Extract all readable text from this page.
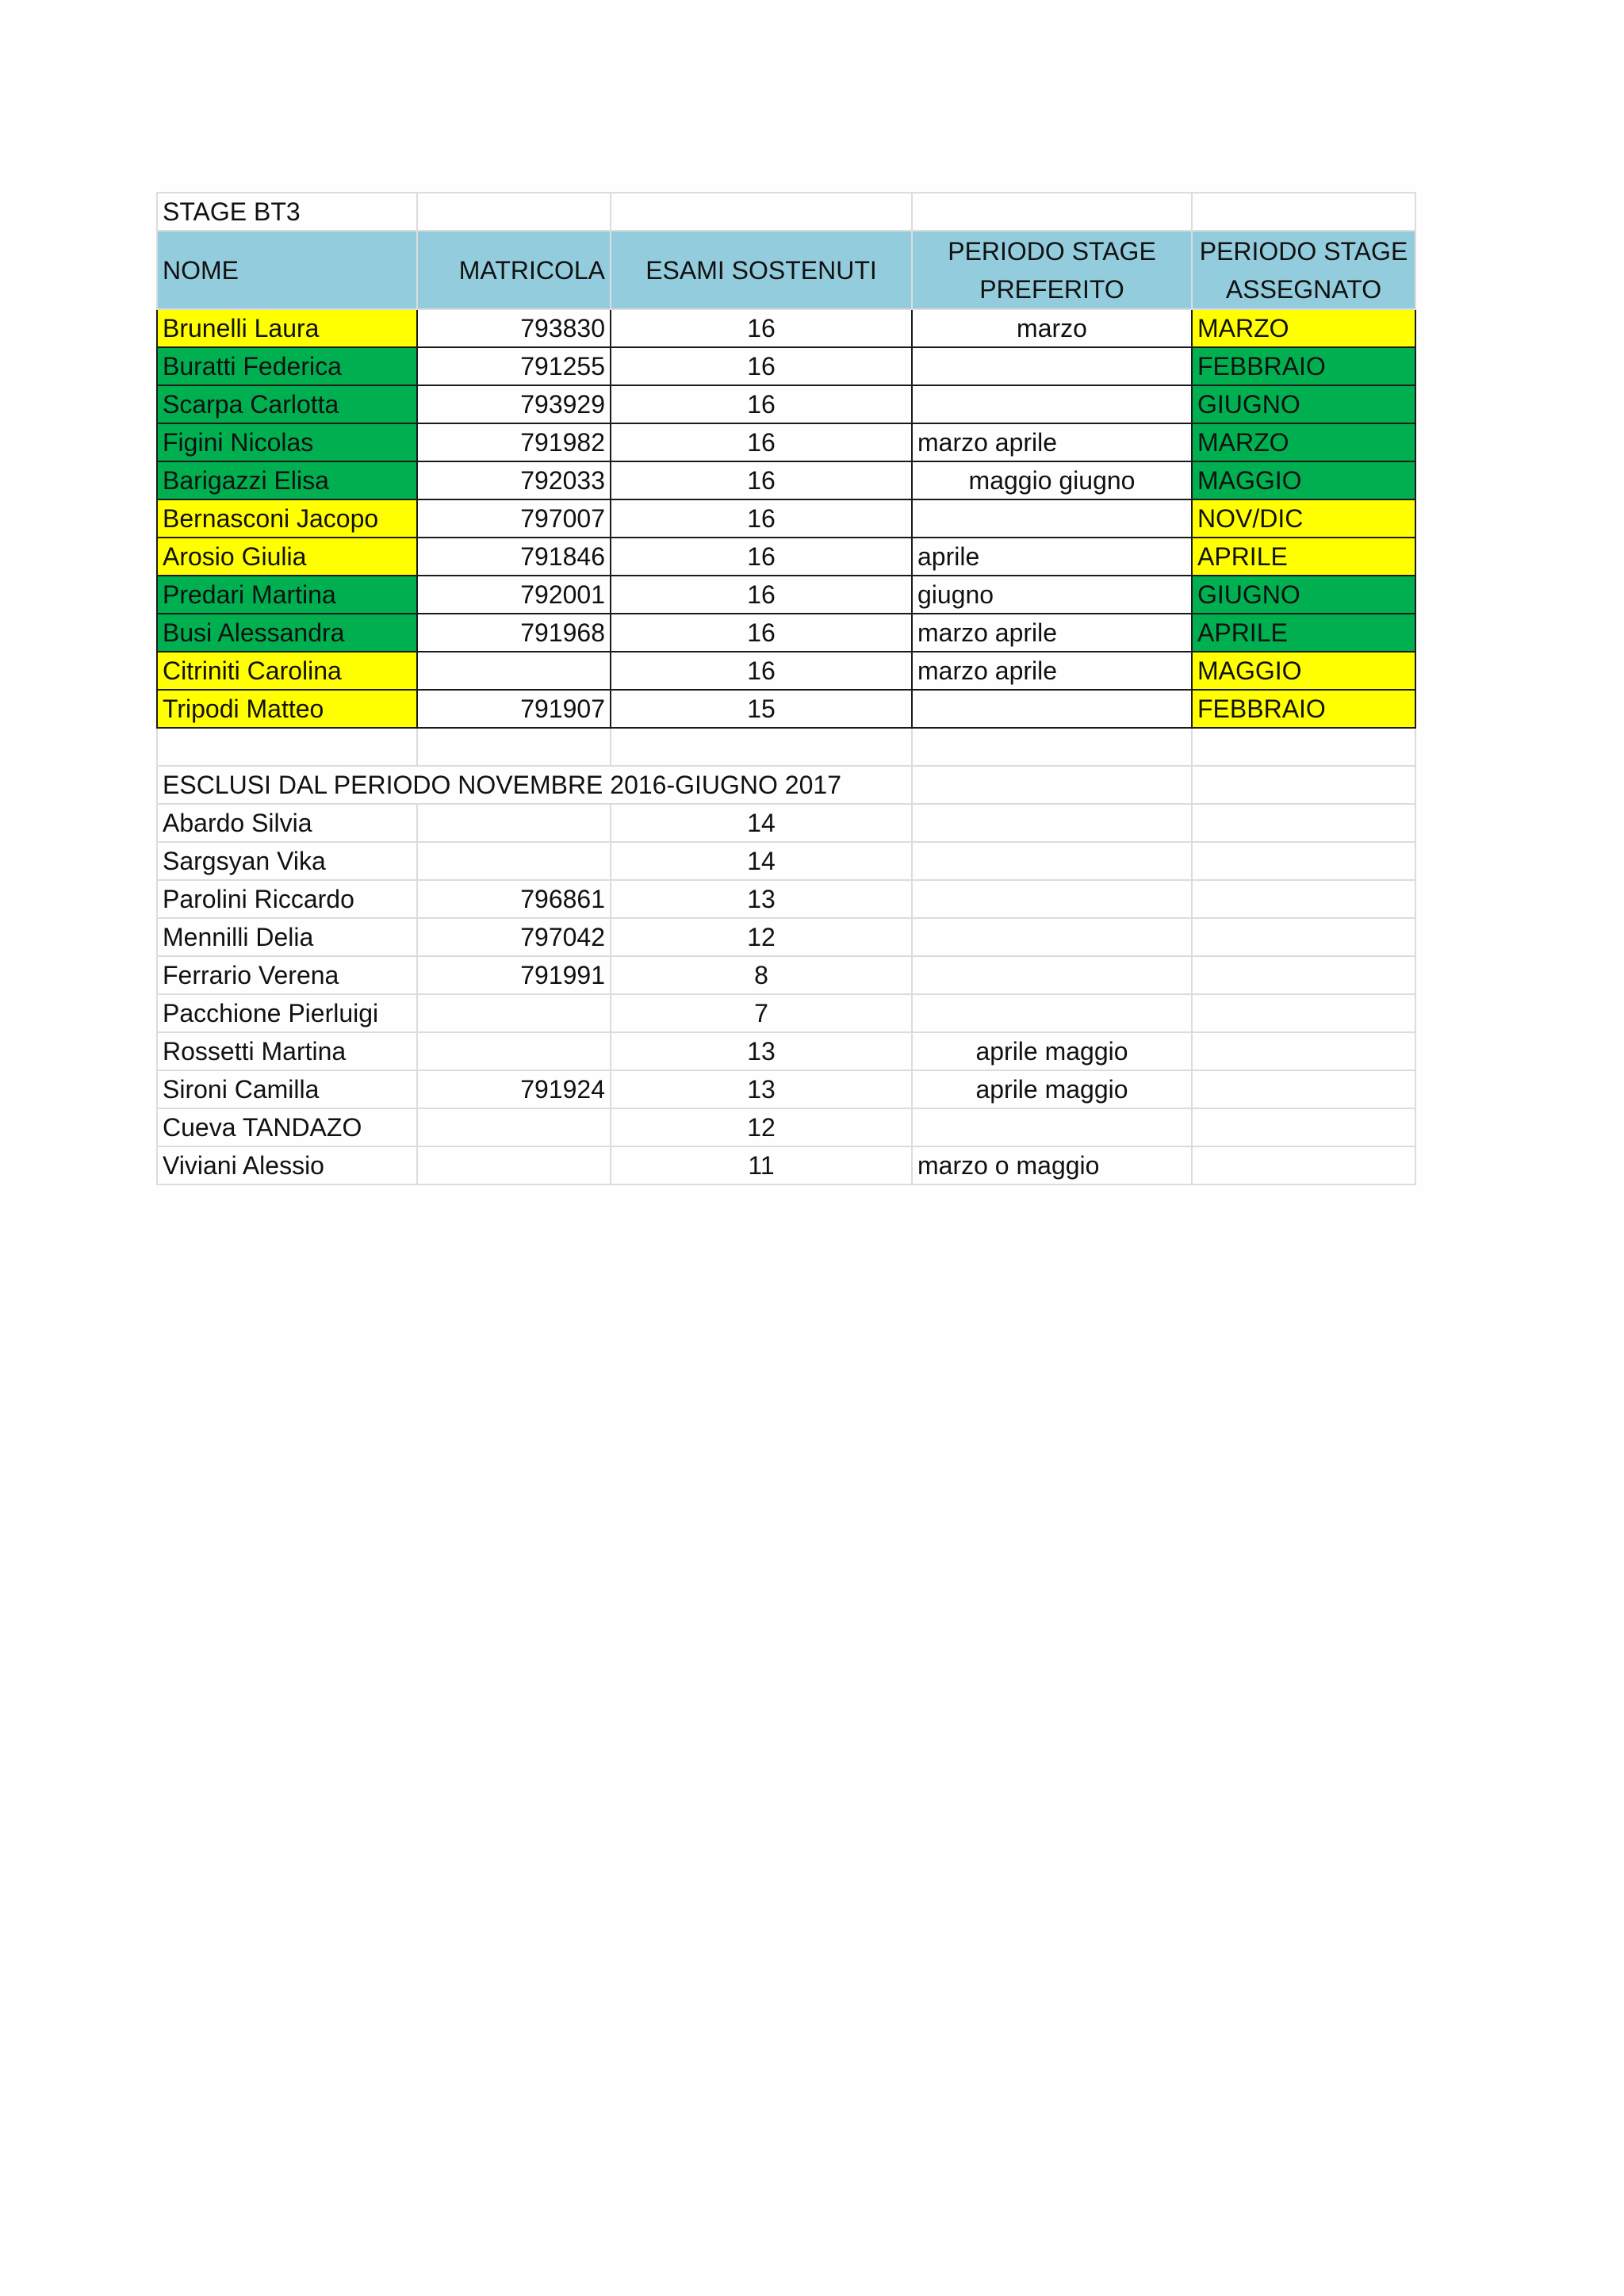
STAGE BT3				
NOME	MATRICOLA	ESAMI SOSTENUTI	PERIODO STAGE PREFERITO	PERIODO STAGE ASSEGNATO
Brunelli Laura	793830	16	marzo	MARZO
Buratti Federica	791255	16		FEBBRAIO
Scarpa Carlotta	793929	16		GIUGNO
Figini Nicolas	791982	16	marzo aprile	MARZO
Barigazzi Elisa	792033	16	maggio giugno	MAGGIO
Bernasconi Jacopo	797007	16		NOV/DIC
Arosio Giulia	791846	16	aprile	APRILE
Predari Martina	792001	16	giugno	GIUGNO
Busi Alessandra	791968	16	marzo aprile	APRILE
Citriniti Carolina		16	marzo aprile	MAGGIO
Tripodi Matteo	791907	15		FEBBRAIO

ESCLUSI DAL PERIODO NOVEMBRE 2016-GIUGNO 2017				
Abardo Silvia		14		
Sargsyan Vika		14		
Parolini Riccardo	796861	13		
Mennilli Delia	797042	12		
Ferrario Verena	791991	8		
Pacchione Pierluigi		7		
Rossetti Martina		13	aprile maggio	
Sironi Camilla	791924	13	aprile maggio	
Cueva TANDAZO		12		
Viviani Alessio		11	marzo o maggio	
